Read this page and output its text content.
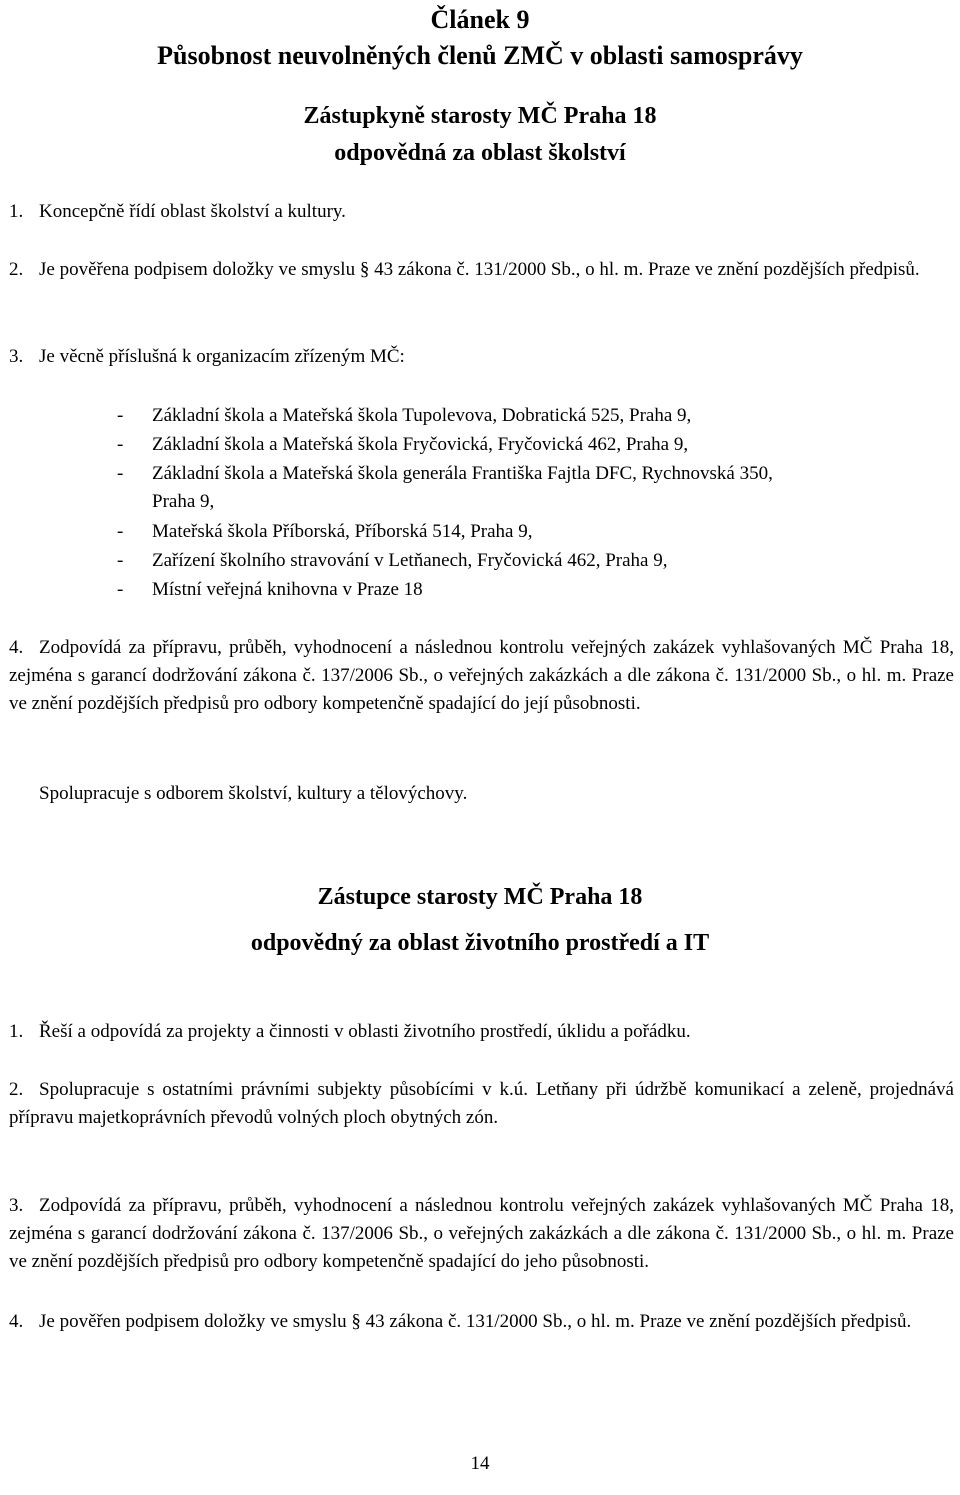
Článek 9
Působnost neuvolněných členů ZMČ v oblasti samosprávy
Zástupkyně starosty MČ Praha 18
odpovědná za oblast školství
1. Koncepčně řídí oblast školství a kultury.
2. Je pověřena podpisem doložky ve smyslu § 43 zákona č. 131/2000 Sb., o hl. m. Praze ve znění pozdějších předpisů.
3. Je věcně příslušná k organizacím zřízeným MČ:
- Základní škola a Mateřská škola Tupolevova, Dobratická 525, Praha 9,
- Základní škola a Mateřská škola Fryčovická, Fryčovická 462, Praha 9,
- Základní škola a Mateřská škola generála Františka Fajtla DFC, Rychnovská 350, Praha 9,
- Mateřská škola Příborská, Příborská 514, Praha 9,
- Zařízení školního stravování v Letňanech, Fryčovická 462, Praha 9,
- Místní veřejná knihovna v Praze 18
4. Zodpovídá za přípravu, průběh, vyhodnocení a následnou kontrolu veřejných zakázek vyhlašovaných MČ Praha 18, zejména s garancí dodržování zákona č. 137/2006 Sb., o veřejných zakázkách a dle zákona č. 131/2000 Sb., o hl. m. Praze ve znění pozdějších předpisů pro odbory kompetenčně spadající do její působnosti.
Spolupracuje s odborem školství, kultury a tělovýchovy.
Zástupce starosty MČ Praha 18
odpovědný za oblast životního prostředí a IT
1. Řeší a odpovídá za projekty a činnosti v oblasti životního prostředí, úklidu a pořádku.
2. Spolupracuje s ostatními právními subjekty působícími v k.ú. Letňany při údržbě komunikací a zeleně, projednává přípravu majetkoprávních převodů volných ploch obytných zón.
3. Zodpovídá za přípravu, průběh, vyhodnocení a následnou kontrolu veřejných zakázek vyhlašovaných MČ Praha 18, zejména s garancí dodržování zákona č. 137/2006 Sb., o veřejných zakázkách a dle zákona č. 131/2000 Sb., o hl. m. Praze ve znění pozdějších předpisů pro odbory kompetenčně spadající do jeho působnosti.
4. Je pověřen podpisem doložky ve smyslu § 43 zákona č. 131/2000 Sb., o hl. m. Praze ve znění pozdějších předpisů.
14
